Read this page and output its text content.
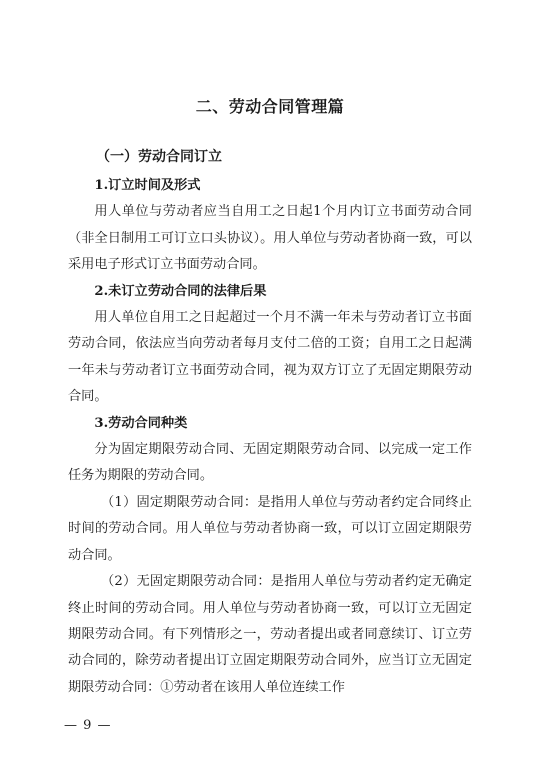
二、劳动合同管理篇
（一）劳动合同订立

1.订立时间及形式

用人单位与劳动者应当自用工之日起1个月内订立书面劳动合同（非全日制用工可订立口头协议）。用人单位与劳动者协商一致，可以采用电子形式订立书面劳动合同。

2.未订立劳动合同的法律后果

用人单位自用工之日起超过一个月不满一年未与劳动者订立书面劳动合同，依法应当向劳动者每月支付二倍的工资；自用工之日起满一年未与劳动者订立书面劳动合同，视为双方订立了无固定期限劳动合同。

3.劳动合同种类

分为固定期限劳动合同、无固定期限劳动合同、以完成一定工作任务为期限的劳动合同。

（1）固定期限劳动合同：是指用人单位与劳动者约定合同终止时间的劳动合同。用人单位与劳动者协商一致，可以订立固定期限劳动合同。

（2）无固定期限劳动合同：是指用人单位与劳动者约定无确定终止时间的劳动合同。用人单位与劳动者协商一致，可以订立无固定期限劳动合同。有下列情形之一，劳动者提出或者同意续订、订立劳动合同的，除劳动者提出订立固定期限劳动合同外，应当订立无固定期限劳动合同：①劳动者在该用人单位连续工作

— 9 —
